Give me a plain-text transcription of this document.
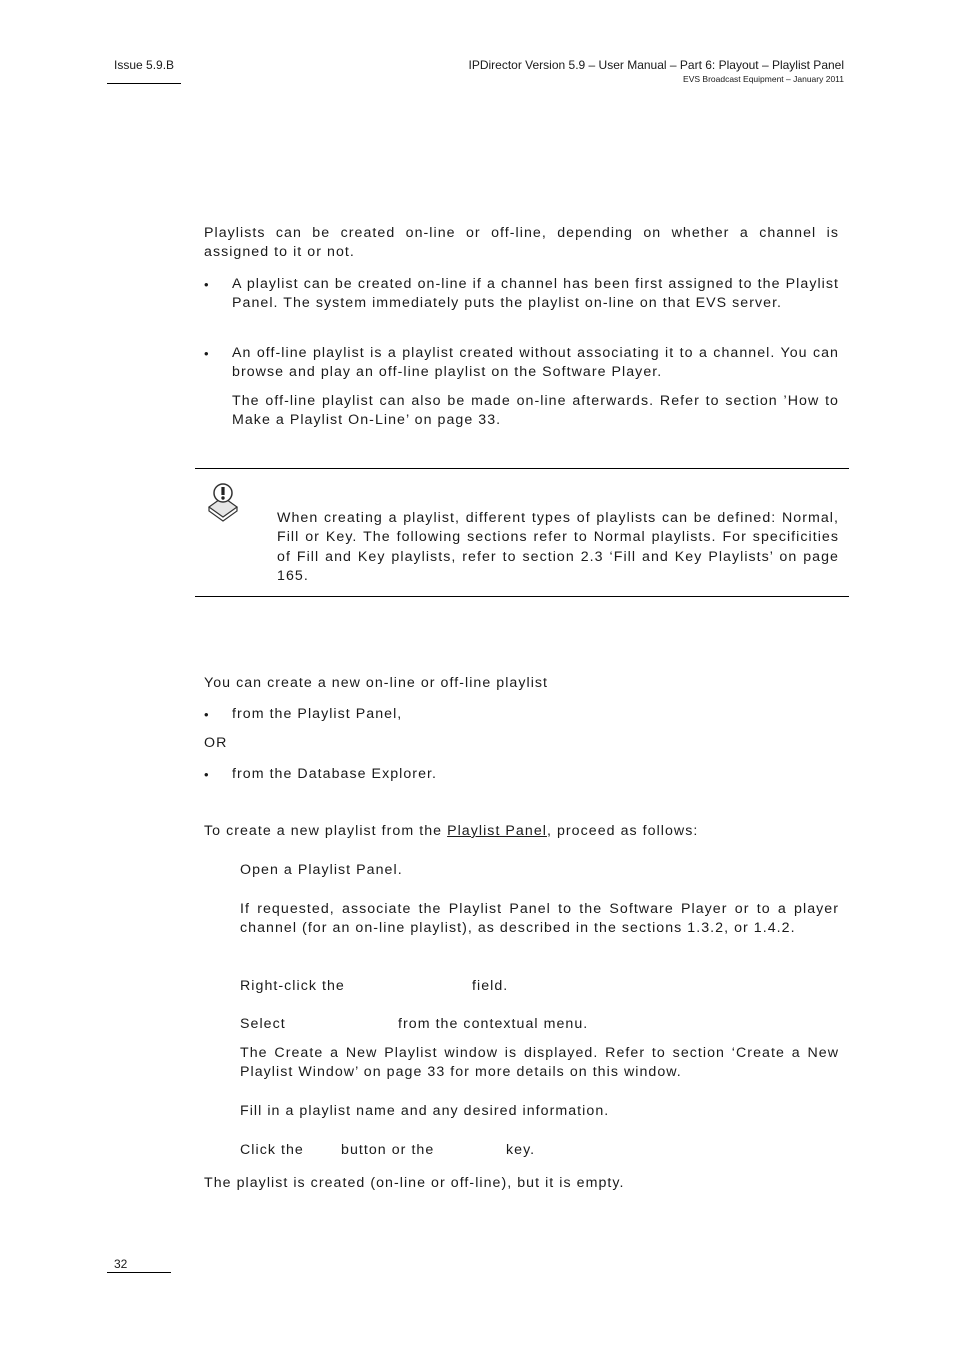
Issue 5.9.B	IPDirector Version 5.9 – User Manual – Part 6: Playout – Playlist Panel
EVS Broadcast Equipment – January 2011
Playlists can be created on-line or off-line, depending on whether a channel is assigned to it or not.
• A playlist can be created on-line if a channel has been first assigned to the Playlist Panel. The system immediately puts the playlist on-line on that EVS server.
• An off-line playlist is a playlist created without associating it to a channel. You can browse and play an off-line playlist on the Software Player.
The off-line playlist can also be made on-line afterwards. Refer to section ’How to Make a Playlist On-Line’ on page 33.
When creating a playlist, different types of playlists can be defined: Normal, Fill or Key. The following sections refer to Normal playlists. For specificities of Fill and Key playlists, refer to section 2.3 ‘Fill and Key Playlists’ on page 165.
You can create a new on-line or off-line playlist
• from the Playlist Panel,
OR
• from the Database Explorer.
To create a new playlist from the Playlist Panel, proceed as follows:
Open a Playlist Panel.
If requested, associate the Playlist Panel to the Software Player or to a player channel (for an on-line playlist), as described in the sections 1.3.2, or 1.4.2.
Right-click the	field.
Select	from the contextual menu.
The Create a New Playlist window is displayed. Refer to section ‘Create a New Playlist Window’ on page 33 for more details on this window.
Fill in a playlist name and any desired information.
Click the	button or the	key.
The playlist is created (on-line or off-line), but it is empty.
32
